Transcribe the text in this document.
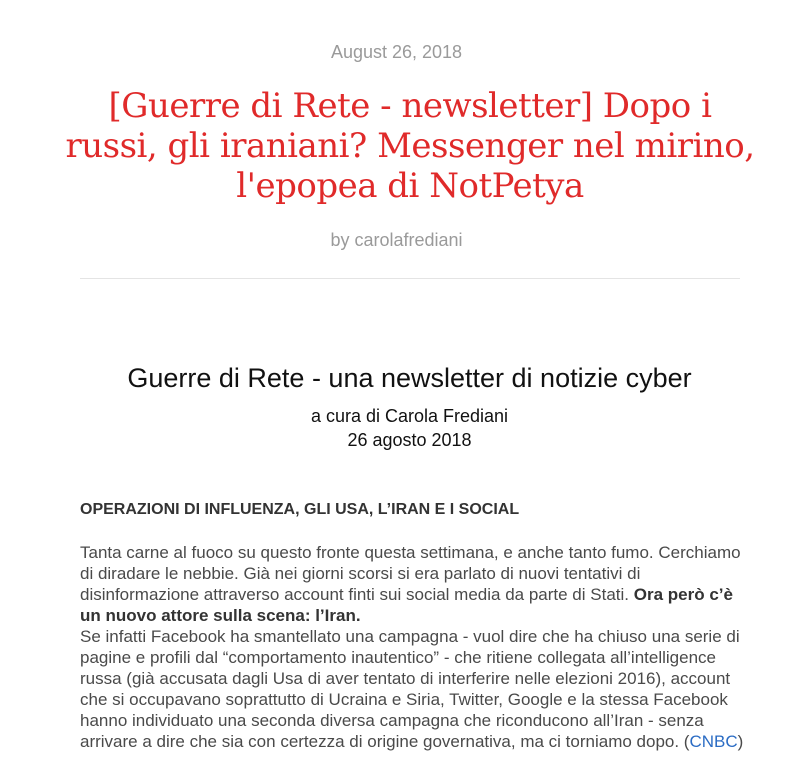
August 26, 2018
[Guerre di Rete - newsletter] Dopo i russi, gli iraniani? Messenger nel mirino, l'epopea di NotPetya
by carolafrediani
Guerre di Rete - una newsletter di notizie cyber
a cura di Carola Frediani
26 agosto 2018
OPERAZIONI DI INFLUENZA, GLI USA, L’IRAN E I SOCIAL

Tanta carne al fuoco su questo fronte questa settimana, e anche tanto fumo. Cerchiamo di diradare le nebbie. Già nei giorni scorsi si era parlato di nuovi tentativi di disinformazione attraverso account finti sui social media da parte di Stati. Ora però c’è un nuovo attore sulla scena: l’Iran.
Se infatti Facebook ha smantellato una campagna - vuol dire che ha chiuso una serie di pagine e profili dal “comportamento inautentico” - che ritiene collegata all’intelligence russa (già accusata dagli Usa di aver tentato di interferire nelle elezioni 2016), account che si occupavano soprattutto di Ucraina e Siria, Twitter, Google e la stessa Facebook hanno individuato una seconda diversa campagna che riconducono all’Iran - senza arrivare a dire che sia con certezza di origine governativa, ma ci torniamo dopo. (CNBC)
